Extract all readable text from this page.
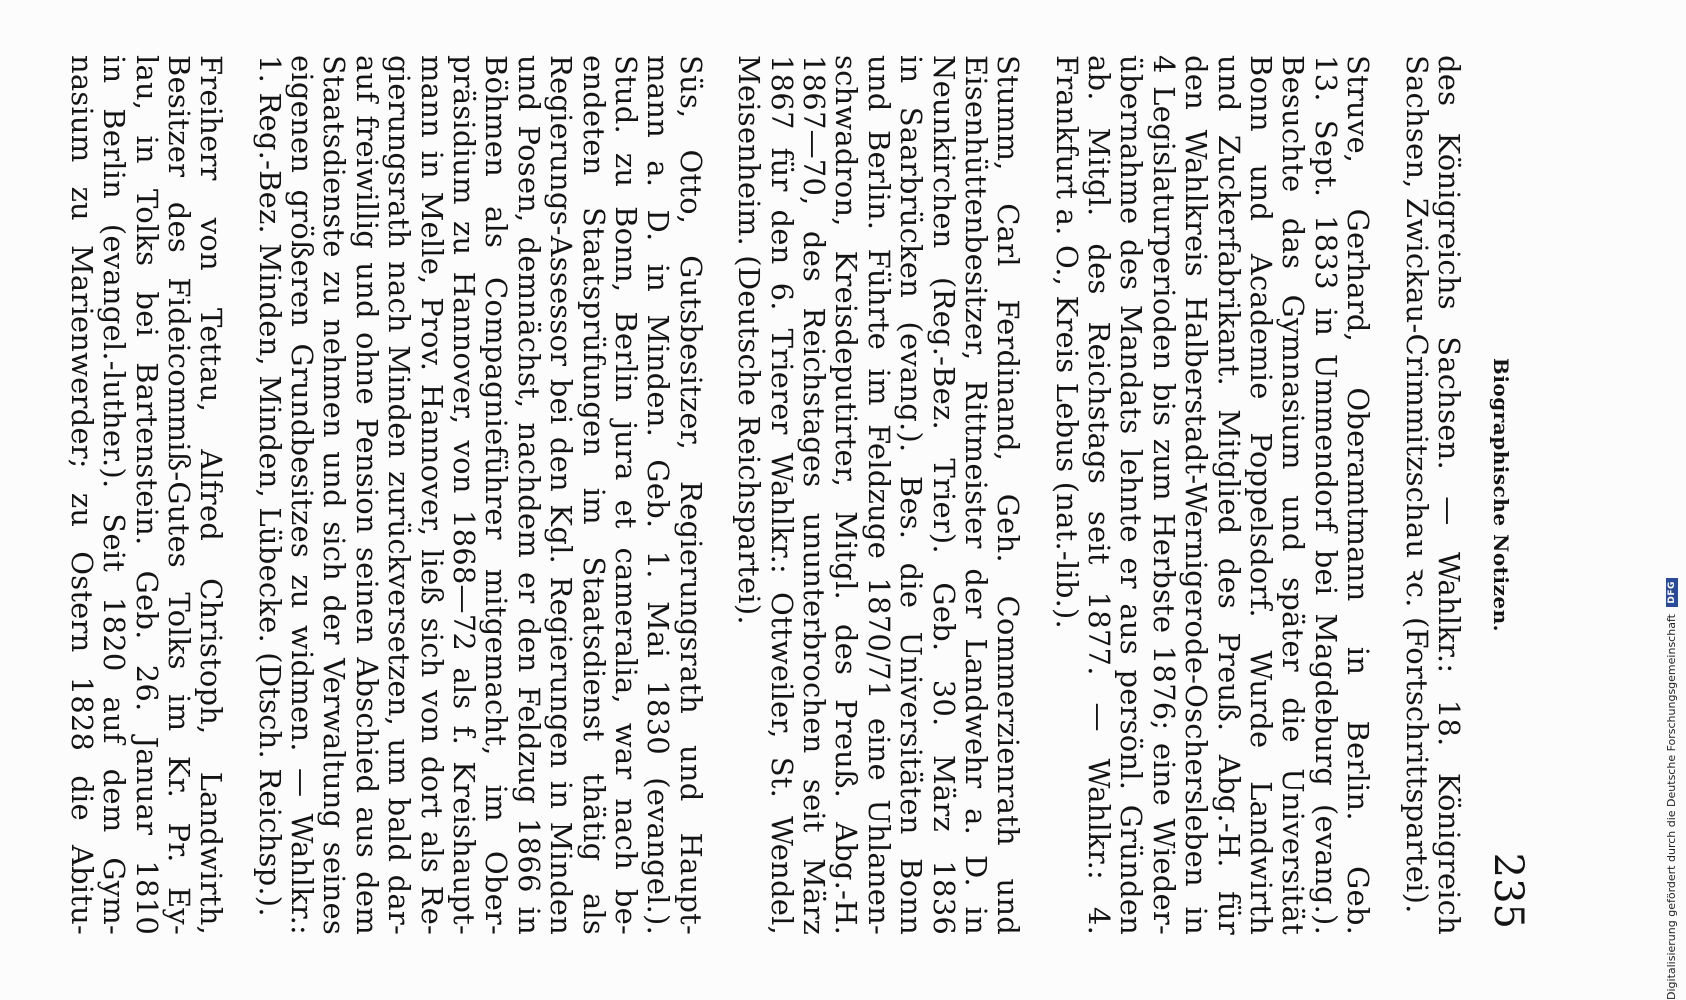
Biographische Notizen.
235
des Königreichs Sachsen. — Wahlkr.: 18. Königreich
Sachsen, Zwickau-Crimmitzschau ꝛc. (Fortschrittspartei).
Struve, Gerhard, Oberamtmann in Berlin. Geb.
13. Sept. 1833 in Ummendorf bei Magdeburg (evang.).
Besuchte das Gymnasium und später die Universität
Bonn und Academie Poppelsdorf. Wurde Landwirth
und Zuckerfabrikant. Mitglied des Preuß. Abg.-H. für
den Wahlkreis Halberstadt-Wernigerode-Oschersleben in
4 Legislaturperioden bis zum Herbste 1876; eine Wieder-
übernahme des Mandats lehnte er aus persönl. Gründen
ab. Mitgl. des Reichstags seit 1877. — Wahlkr.: 4.
Frankfurt a. O., Kreis Lebus (nat.-lib.).
Stumm, Carl Ferdinand, Geh. Commerzienrath und
Eisenhüttenbesitzer, Rittmeister der Landwehr a. D. in
Neunkirchen (Reg.-Bez. Trier). Geb. 30. März 1836
in Saarbrücken (evang.). Bes. die Universitäten Bonn
und Berlin. Führte im Feldzuge 1870/71 eine Uhlanen-
schwadron, Kreisdeputirter, Mitgl. des Preuß. Abg.-H.
1867—70, des Reichstages ununterbrochen seit März
1867 für den 6. Trierer Wahlkr.: Ottweiler, St. Wendel,
Meisenheim. (Deutsche Reichspartei).
Süs, Otto, Gutsbesitzer, Regierungsrath und Haupt-
mann a. D. in Minden. Geb. 1. Mai 1830 (evangel.).
Stud. zu Bonn, Berlin jura et cameralia, war nach be-
endeten Staatsprüfungen im Staatsdienst thätig als
Regierungs-Assessor bei den Kgl. Regierungen in Minden
und Posen, demnächst, nachdem er den Feldzug 1866 in
Böhmen als Compagnieführer mitgemacht, im Ober-
präsidium zu Hannover, von 1868—72 als f. Kreishaupt-
mann in Melle, Prov. Hannover, ließ sich von dort als Re-
gierungsrath nach Minden zurückversetzen, um bald dar-
auf freiwillig und ohne Pension seinen Abschied aus dem
Staatsdienste zu nehmen und sich der Verwaltung seines
eigenen größeren Grundbesitzes zu widmen. — Wahlkr.:
1. Reg.-Bez. Minden, Minden, Lübecke. (Dtsch. Reichsp.).
Freiherr von Tettau, Alfred Christoph, Landwirth,
Besitzer des Fideicommiß-Gutes Tolks im Kr. Pr. Ey-
lau, in Tolks bei Bartenstein. Geb. 26. Januar 1810
in Berlin (evangel.-luther.). Seit 1820 auf dem Gym-
nasium zu Marienwerder; zu Ostern 1828 die Abitu-	Digitalisierung gefördert durch die Deutsche Forschungsgemeinschaft DFG
